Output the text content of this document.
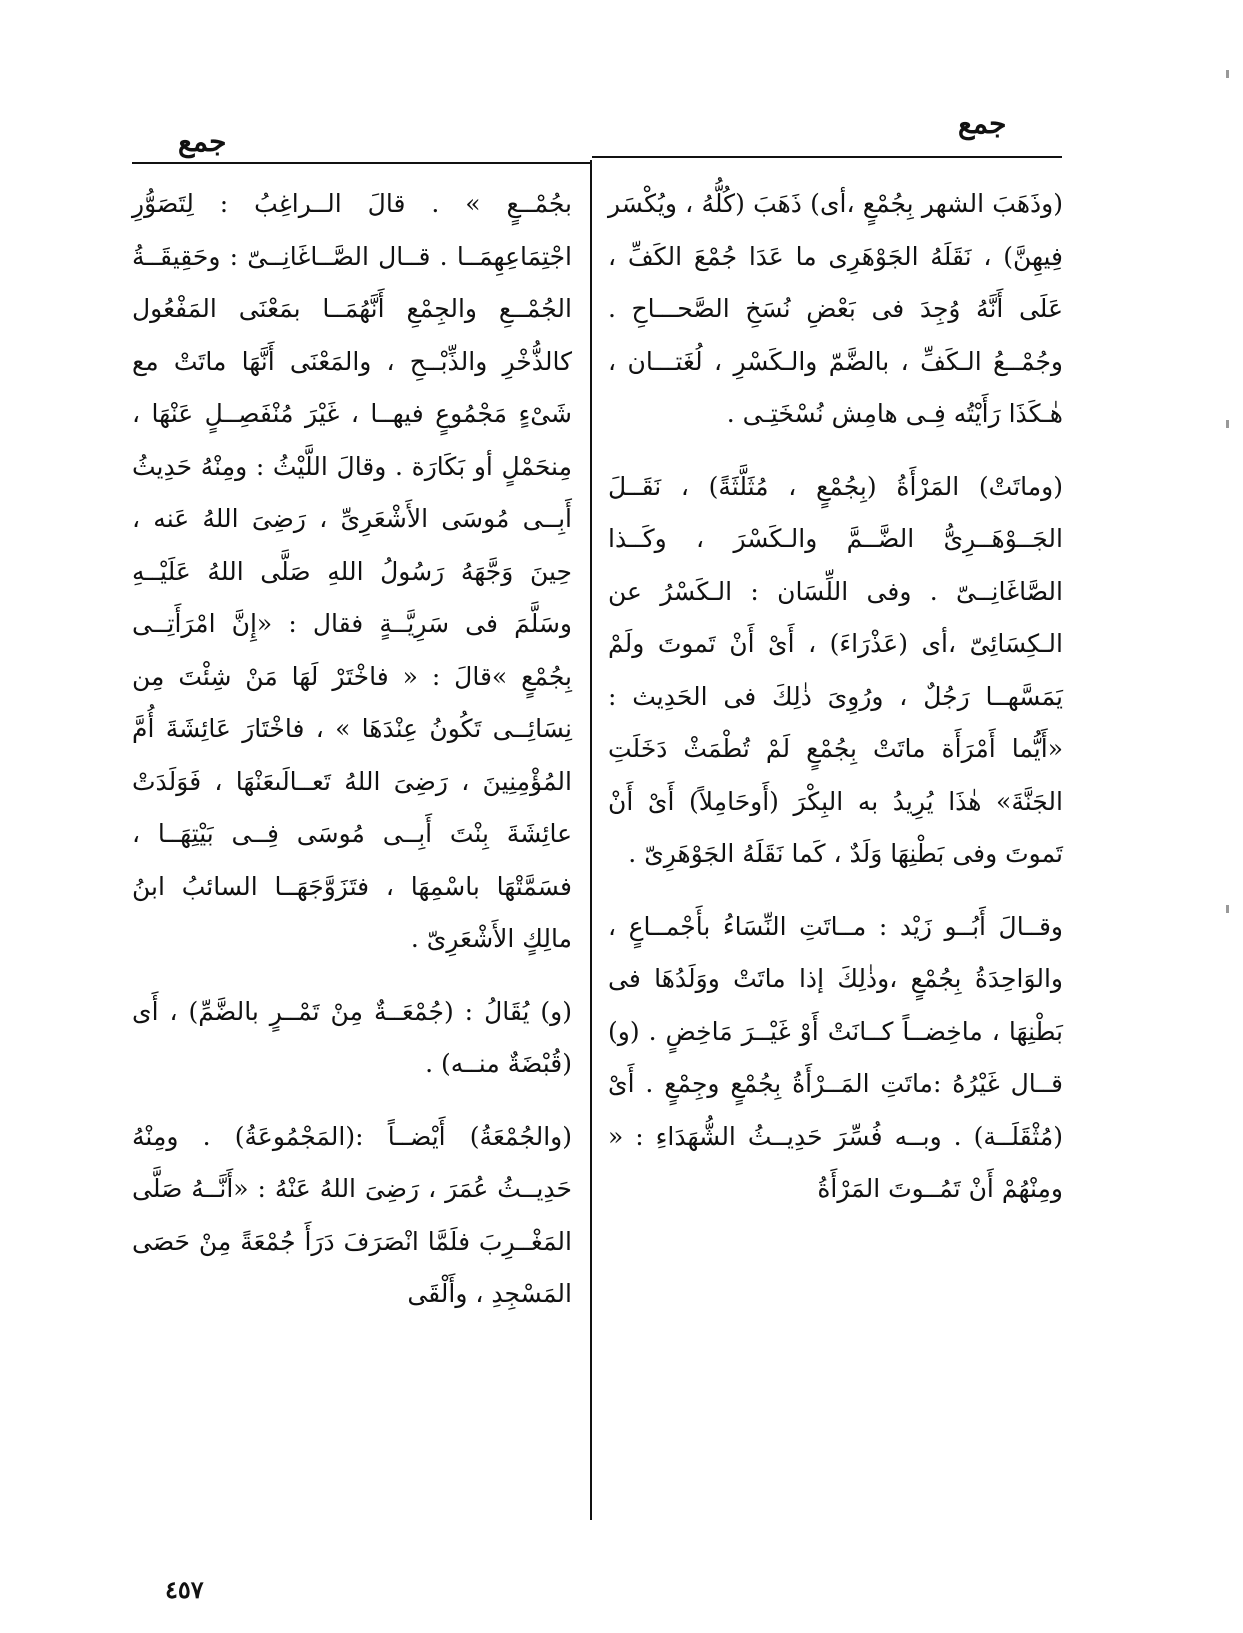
جمع
جمع

(وذَهَبَ الشهر بِجُمْعٍ ،أى) ذَهَبَ (كُلُّهُ ، ويُكْسَر فِيهِنَّ) ، نَقَلَهُ الجَوْهَرِى ما عَدَا جُمْعَ الكَفِّ ، عَلَى أَنَّهُ وُجِدَ فى بَعْضِ نُسَخِ الصَّحـــاحِ . وجُمْــعُ الـكَفِّ ، بالضَّمّ والـكَسْرِ ، لُغَتـــان ، هٰـكَذَا رَأَيْتُه فِـى هامِش نُسْخَتِـى .

(وماتَتْ) المَرْأَةُ (بِجُمْعٍ ، مُثَلَّثَةً) ، نَقَــلَ الجَــوْهَــرِىُّ الضَّــمَّ والـكَسْرَ ، وكَــذا الصَّاغَانِــىّ . وفى اللِّسَان : الـكَسْرُ عن الـكِسَائِىّ ،أى (عَذْرَاءَ) ، أَىْ أَنْ تَموتَ ولَمْ يَمَسَّهــا رَجُلٌ ، ورُوِىَ ذٰلِكَ فى الحَدِيث : «أَيُّما أَمْرَأَة ماتَتْ بِجُمْعٍ لَمْ تُطْمَثْ دَخَلَتِ الجَنَّةَ» هٰذَا يُرِيدُ به البِكْرَ (أَوحَامِلاً) أَىْ أَنْ تَموتَ وفى بَطْنِهَا وَلَدٌ ، كَما نَقَلَهُ الجَوْهَرِىّ .

وقــالَ أَبُــو زَيْد : مــاتَتِ النِّسَاءُ بأَجْمــاعٍ ، والوَاحِدَةُ بِجُمْعٍ ،وذٰلِكَ إذا ماتَتْ ووَلَدُهَا فى بَطْنِهَا ، ماخِضــاً كــانَتْ أَوْ غَيْــرَ مَاخِضٍ . (و) قــال غَيْرُهُ :ماتَتِ المَــرْأَةُ بِجُمْعٍ وجِمْعٍ . أَىْ (مُثْقَلَــة) . وبــه فُسِّرَ حَدِيــثُ الشُّهَدَاءِ : « ومِنْهُمْ أَنْ تَمُــوتَ المَرْأَةُ

بجُمْــعٍ » . قالَ الــراغِبُ : لِتَصَوُّرِ اجْتِمَاعِهِمَــا . قــال الصَّــاغَانِــىّ : وحَقِيقَــةُ الجُمْــعِ والجِمْعِ أَنَّهُمَــا بمَعْنَى المَفْعُول كالذُّخْرِ والذِّبْــحِ ، والمَعْنَى أَنَّهَا ماتَتْ مع شَىْءٍ مَجْمُوعٍ فيهــا ، غَيْرَ مُنْفَصِــلٍ عَنْهَا ، مِنحَمْلٍ أو بَكَارَة . وقالَ اللَّيْثُ : ومِنْهُ حَدِيثُ أَبِــى مُوسَى الأَشْعَرِىِّ ، رَضِىَ اللهُ عَنه ، حِينَ وَجَّهَهُ رَسُولُ اللهِ صَلَّى اللهُ عَلَيْــهِ وسَلَّمَ فى سَرِيَّــةٍ فقال : «إِنَّ امْرَأَتِــى بِجُمْعٍ »قالَ : « فاخْتَرْ لَهَا مَنْ شِئْتَ مِن نِسَائِــى تَكُونُ عِنْدَهَا » ، فاخْتَارَ عَائِشَةَ أُمَّ المُؤْمِنِينَ ، رَضِىَ اللهُ تَعــالَىعَنْهَا ، فَوَلَدَتْ عائِشَةَ بِنْتَ أَبِــى مُوسَى فِــى بَيْتِهَــا ، فسَمَّتْهَا باسْمِهَا ، فتَزَوَّجَهَــا السائبُ ابنُ مالِكٍ الأَشْعَرِىّ .

(و) يُقَالُ : (جُمْعَــةٌ مِنْ تَمْــرٍ بالضَّمِّ) ، أَى (قُبْضَةٌ منــه) .

(والجُمْعَةُ) أَيْضــاً :(المَجْمُوعَةُ) . ومِنْهُ حَدِيــثُ عُمَرَ ، رَضِىَ اللهُ عَنْهُ : «أَنَّــهُ صَلَّى المَغْــرِبَ فلَمَّا انْصَرَفَ دَرَأَ جُمْعَةً مِنْ حَصَى المَسْجِدِ ، وأَلْقَى

٤٥٧
